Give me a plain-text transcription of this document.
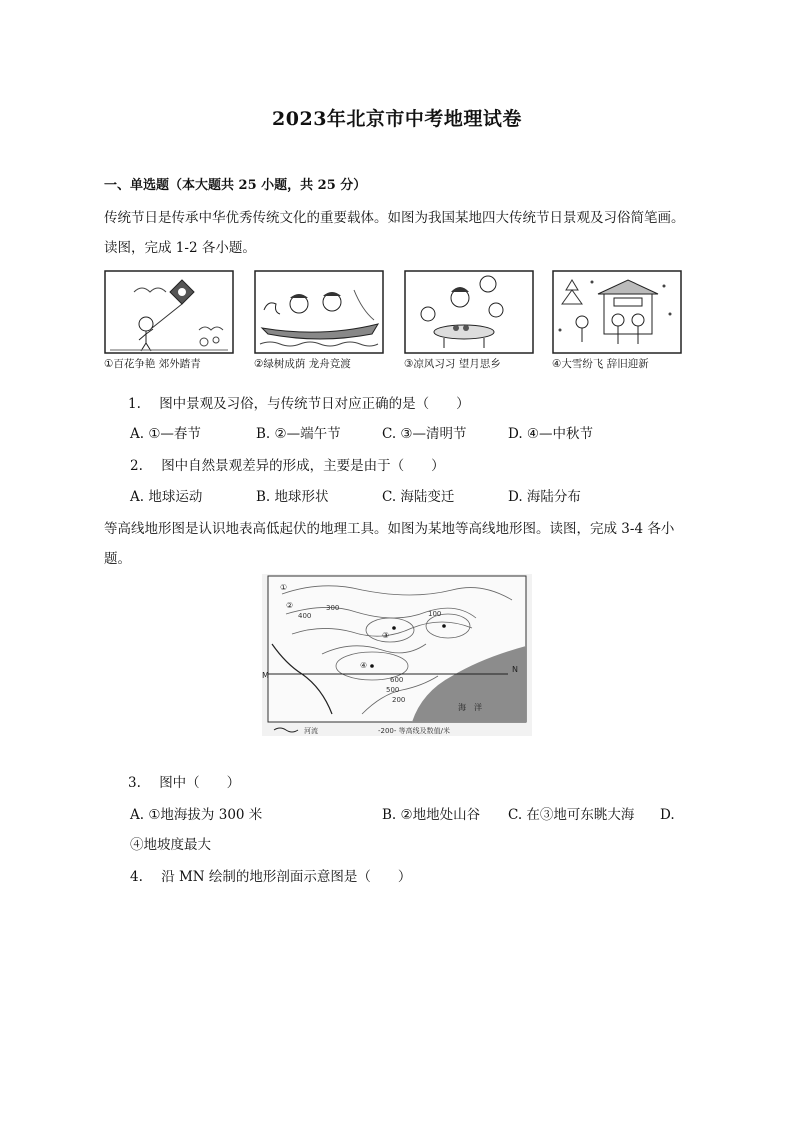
2023年北京市中考地理试卷
一、单选题（本大题共 25 小题，共 25 分）
传统节日是传承中华优秀传统文化的重要载体。如图为我国某地四大传统节日景观及习俗简笔画。
读图，完成 1-2 各小题。
①百花争艳 郊外踏青	②绿树成荫 龙舟竞渡	③凉风习习 望月思乡	④大雪纷飞 辞旧迎新
1. 图中景观及习俗，与传统节日对应正确的是（　　）
A. ①—春节	B. ②—端午节	C. ③—清明节	D. ④—中秋节
2. 图中自然景观差异的形成，主要是由于（　　）
A. 地球运动	B. 地球形状	C. 海陆变迁	D. 海陆分布
等高线地形图是认识地表高低起伏的地理工具。如图为某地等高线地形图。读图，完成 3-4 各小
题。
400
300
100
600
500
200
①
②
③
④
M
N
海　洋
河流	-200- 等高线及数值/米
3. 图中（　　）
A. ①地海拔为 300 米	B. ②地地处山谷 C. 在③地可东眺大海 D.
④地坡度最大
4. 沿 MN 绘制的地形剖面示意图是（　　）
